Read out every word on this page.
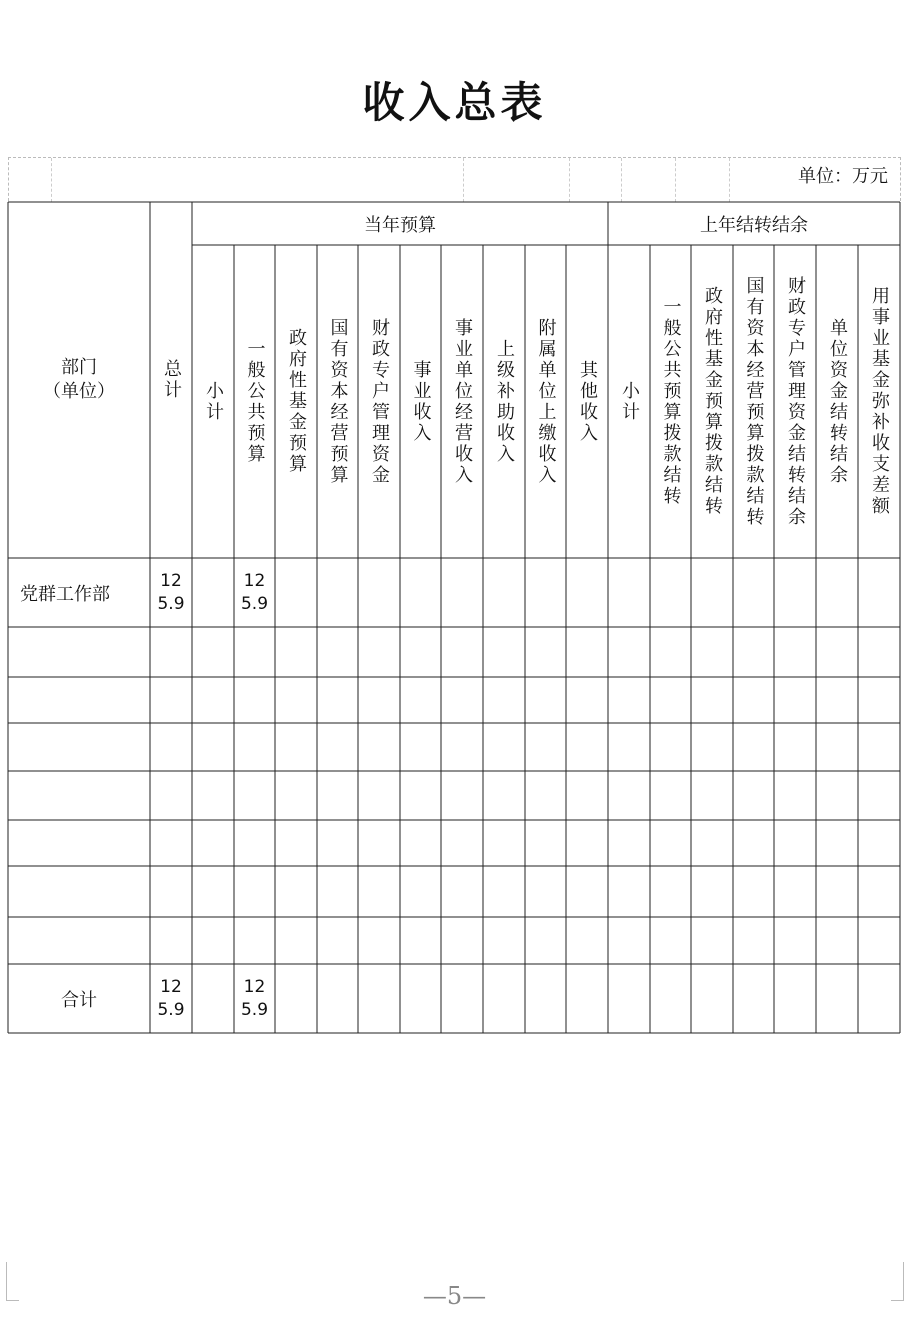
收入总表
单位：万元
部门
（单位）	总计
当年预算	上年结转结余
小计 一般公共预算 政府性基金预算 国有资本经营预算 财政专户管理资金 事业收入 事业单位经营收入 上级补助收入 附属单位上缴收入 其他收入 小计 一般公共预算拨款结转 政府性基金预算拨款结转 国有资本经营预算拨款结转 财政专户管理资金结转结余 单位资金结转结余 用事业基金弥补收支差额
党群工作部
125.9
125.9
合计
125.9
125.9
—5—
